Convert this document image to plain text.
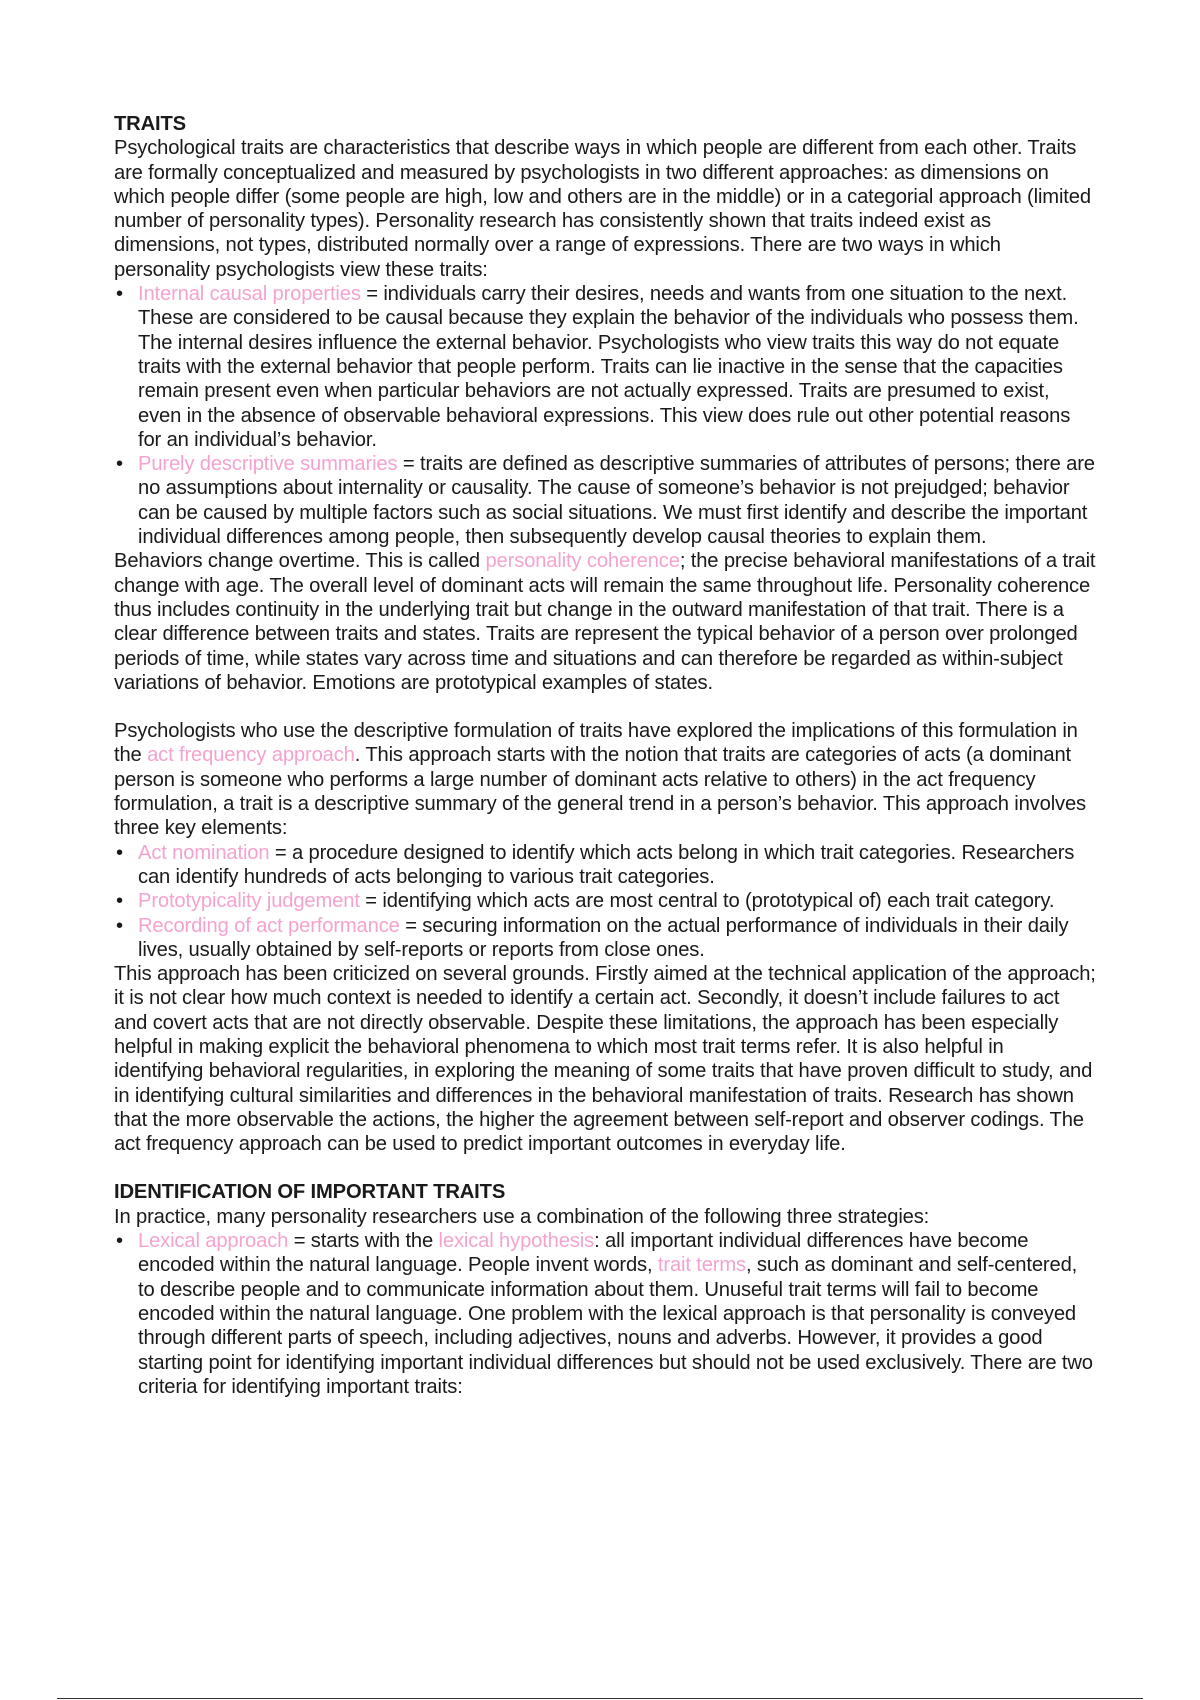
TRAITS

Psychological traits are characteristics that describe ways in which people are different from each other. Traits are formally conceptualized and measured by psychologists in two different approaches: as dimensions on which people differ (some people are high, low and others are in the middle) or in a categorial approach (limited number of personality types). Personality research has consistently shown that traits indeed exist as dimensions, not types, distributed normally over a range of expressions. There are two ways in which personality psychologists view these traits:

• Internal causal properties = individuals carry their desires, needs and wants from one situation to the next. These are considered to be causal because they explain the behavior of the individuals who possess them. The internal desires influence the external behavior. Psychologists who view traits this way do not equate traits with the external behavior that people perform. Traits can lie inactive in the sense that the capacities remain present even when particular behaviors are not actually expressed. Traits are presumed to exist, even in the absence of observable behavioral expressions. This view does rule out other potential reasons for an individual’s behavior.
• Purely descriptive summaries = traits are defined as descriptive summaries of attributes of persons; there are no assumptions about internality or causality. The cause of someone’s behavior is not prejudged; behavior can be caused by multiple factors such as social situations. We must first identify and describe the important individual differences among people, then subsequently develop causal theories to explain them.

Behaviors change overtime. This is called personality coherence; the precise behavioral manifestations of a trait change with age. The overall level of dominant acts will remain the same throughout life. Personality coherence thus includes continuity in the underlying trait but change in the outward manifestation of that trait. There is a clear difference between traits and states. Traits are represent the typical behavior of a person over prolonged periods of time, while states vary across time and situations and can therefore be regarded as within-subject variations of behavior. Emotions are prototypical examples of states.

Psychologists who use the descriptive formulation of traits have explored the implications of this formulation in the act frequency approach. This approach starts with the notion that traits are categories of acts (a dominant person is someone who performs a large number of dominant acts relative to others) in the act frequency formulation, a trait is a descriptive summary of the general trend in a person’s behavior. This approach involves three key elements:

• Act nomination = a procedure designed to identify which acts belong in which trait categories. Researchers can identify hundreds of acts belonging to various trait categories.
• Prototypicality judgement = identifying which acts are most central to (prototypical of) each trait category.
• Recording of act performance = securing information on the actual performance of individuals in their daily lives, usually obtained by self-reports or reports from close ones.

This approach has been criticized on several grounds. Firstly aimed at the technical application of the approach; it is not clear how much context is needed to identify a certain act. Secondly, it doesn’t include failures to act and covert acts that are not directly observable. Despite these limitations, the approach has been especially helpful in making explicit the behavioral phenomena to which most trait terms refer. It is also helpful in identifying behavioral regularities, in exploring the meaning of some traits that have proven difficult to study, and in identifying cultural similarities and differences in the behavioral manifestation of traits. Research has shown that the more observable the actions, the higher the agreement between self-report and observer codings. The act frequency approach can be used to predict important outcomes in everyday life.

IDENTIFICATION OF IMPORTANT TRAITS

In practice, many personality researchers use a combination of the following three strategies:

• Lexical approach = starts with the lexical hypothesis: all important individual differences have become encoded within the natural language. People invent words, trait terms, such as dominant and self-centered, to describe people and to communicate information about them. Unuseful trait terms will fail to become encoded within the natural language. One problem with the lexical approach is that personality is conveyed through different parts of speech, including adjectives, nouns and adverbs. However, it provides a good starting point for identifying important individual differences but should not be used exclusively. There are two criteria for identifying important traits:
